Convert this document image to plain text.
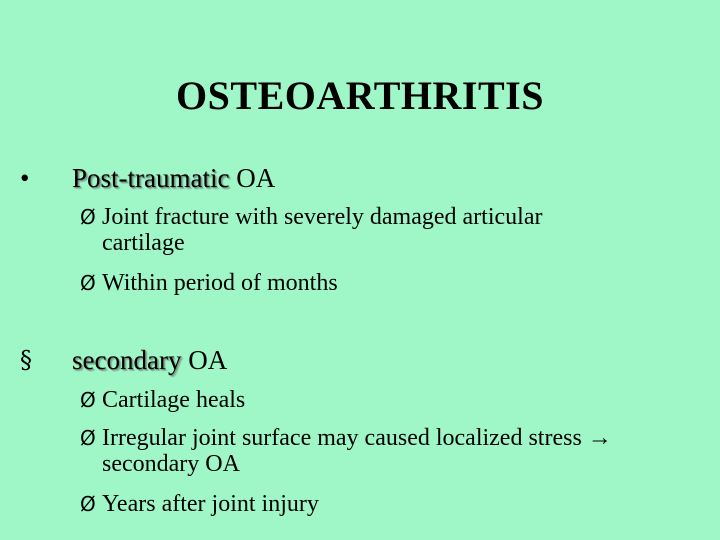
OSTEOARTHRITIS
• Post-traumatic OA
Ø Joint fracture with severely damaged articular
cartilage
Ø Within period of months
§ secondary OA
Ø Cartilage heals
Ø Irregular joint surface may caused localized stress →
secondary OA
Ø Years after joint injury
